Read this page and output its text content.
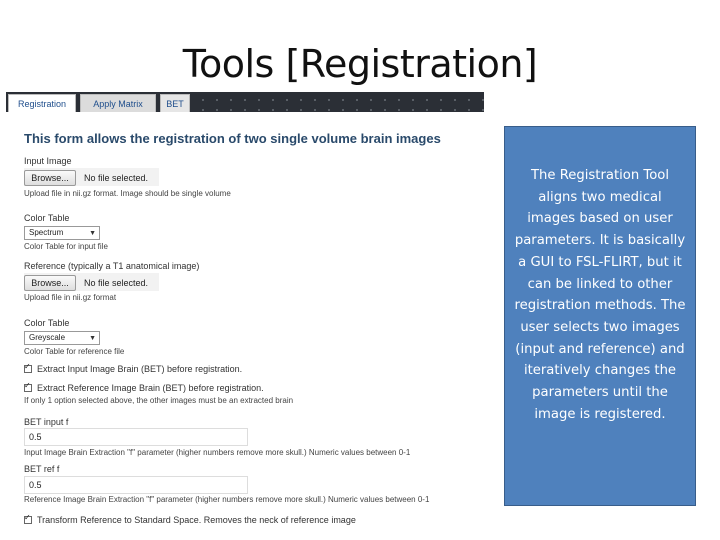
Tools [Registration]
Registration	Apply Matrix	BET
This form allows the registration of two single volume brain images
Input Image
Browse...	No file selected.
Upload file in nii.gz format. Image should be single volume
Color Table
Spectrum	▼
Color Table for input file
Reference (typically a T1 anatomical image)
Browse...	No file selected.
Upload file in nii.gz format
Color Table
Greyscale	▼
Color Table for reference file
✓
Extract Input Image Brain (BET) before registration.
✓
Extract Reference Image Brain (BET) before registration.
If only 1 option selected above, the other images must be an extracted brain
BET input f
0.5
Input Image Brain Extraction "f" parameter (higher numbers remove more skull.) Numeric values between 0-1
BET ref f
0.5
Reference Image Brain Extraction "f" parameter (higher numbers remove more skull.) Numeric values between 0-1
✓
Transform Reference to Standard Space. Removes the neck of reference image

The Registration Tool aligns two medical images based on user parameters. It is basically a GUI to FSL-FLIRT, but it can be linked to other registration methods. The user selects two images (input and reference) and iteratively changes the parameters until the image is registered.
